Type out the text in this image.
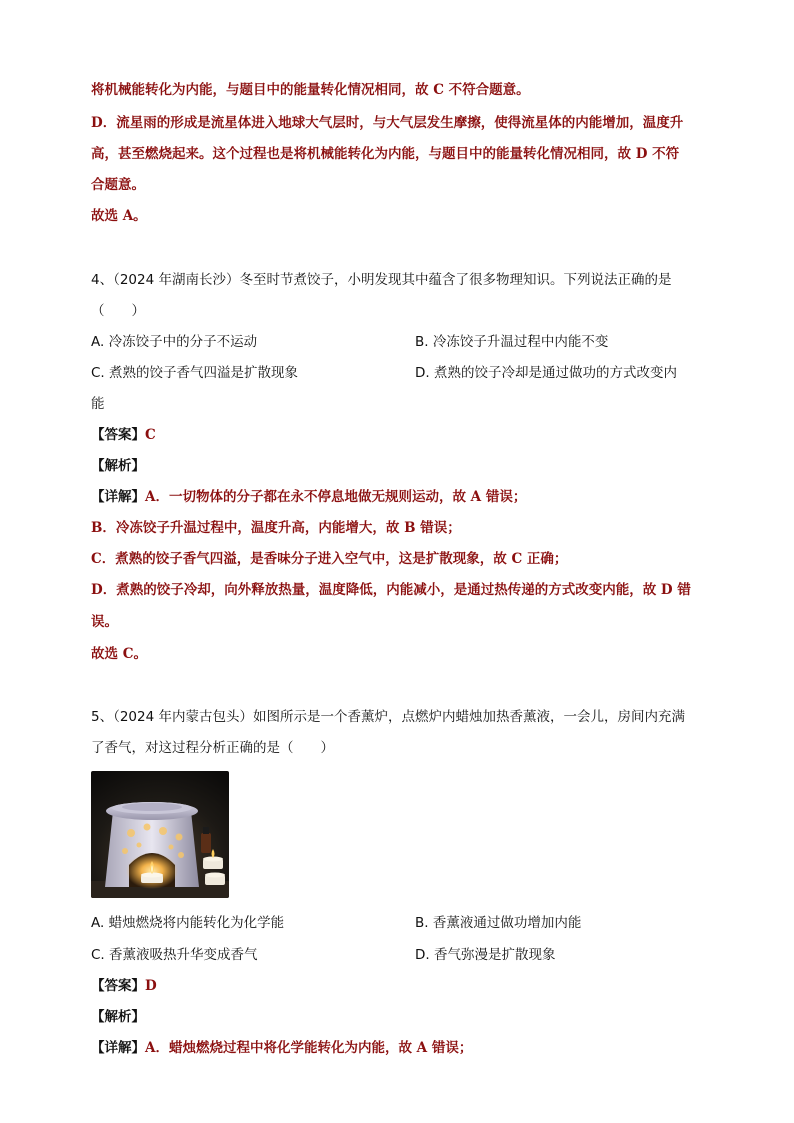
将机械能转化为内能，与题目中的能量转化情况相同，故 C 不符合题意。
D．流星雨的形成是流星体进入地球大气层时，与大气层发生摩擦，使得流星体的内能增加，温度升
高，甚至燃烧起来。这个过程也是将机械能转化为内能，与题目中的能量转化情况相同，故 D 不符
合题意。
故选 A。
4、（2024 年湖南长沙）冬至时节煮饺子，小明发现其中蕴含了很多物理知识。下列说法正确的是
（　　）
A. 冷冻饺子中的分子不运动	B. 冷冻饺子升温过程中内能不变
C. 煮熟的饺子香气四溢是扩散现象	D. 煮熟的饺子冷却是通过做功的方式改变内
能
【答案】C
【解析】
【详解】A．一切物体的分子都在永不停息地做无规则运动，故 A 错误；
B．冷冻饺子升温过程中，温度升高，内能增大，故 B 错误；
C．煮熟的饺子香气四溢，是香味分子进入空气中，这是扩散现象，故 C 正确；
D．煮熟的饺子冷却，向外释放热量，温度降低，内能减小，是通过热传递的方式改变内能，故 D 错
误。
故选 C。
5、（2024 年内蒙古包头）如图所示是一个香薰炉，点燃炉内蜡烛加热香薰液，一会儿，房间内充满
了香气，对这过程分析正确的是（　　）
A. 蜡烛燃烧将内能转化为化学能	B. 香薰液通过做功增加内能
C. 香薰液吸热升华变成香气	D. 香气弥漫是扩散现象
【答案】D
【解析】
【详解】A．蜡烛燃烧过程中将化学能转化为内能，故 A 错误；
